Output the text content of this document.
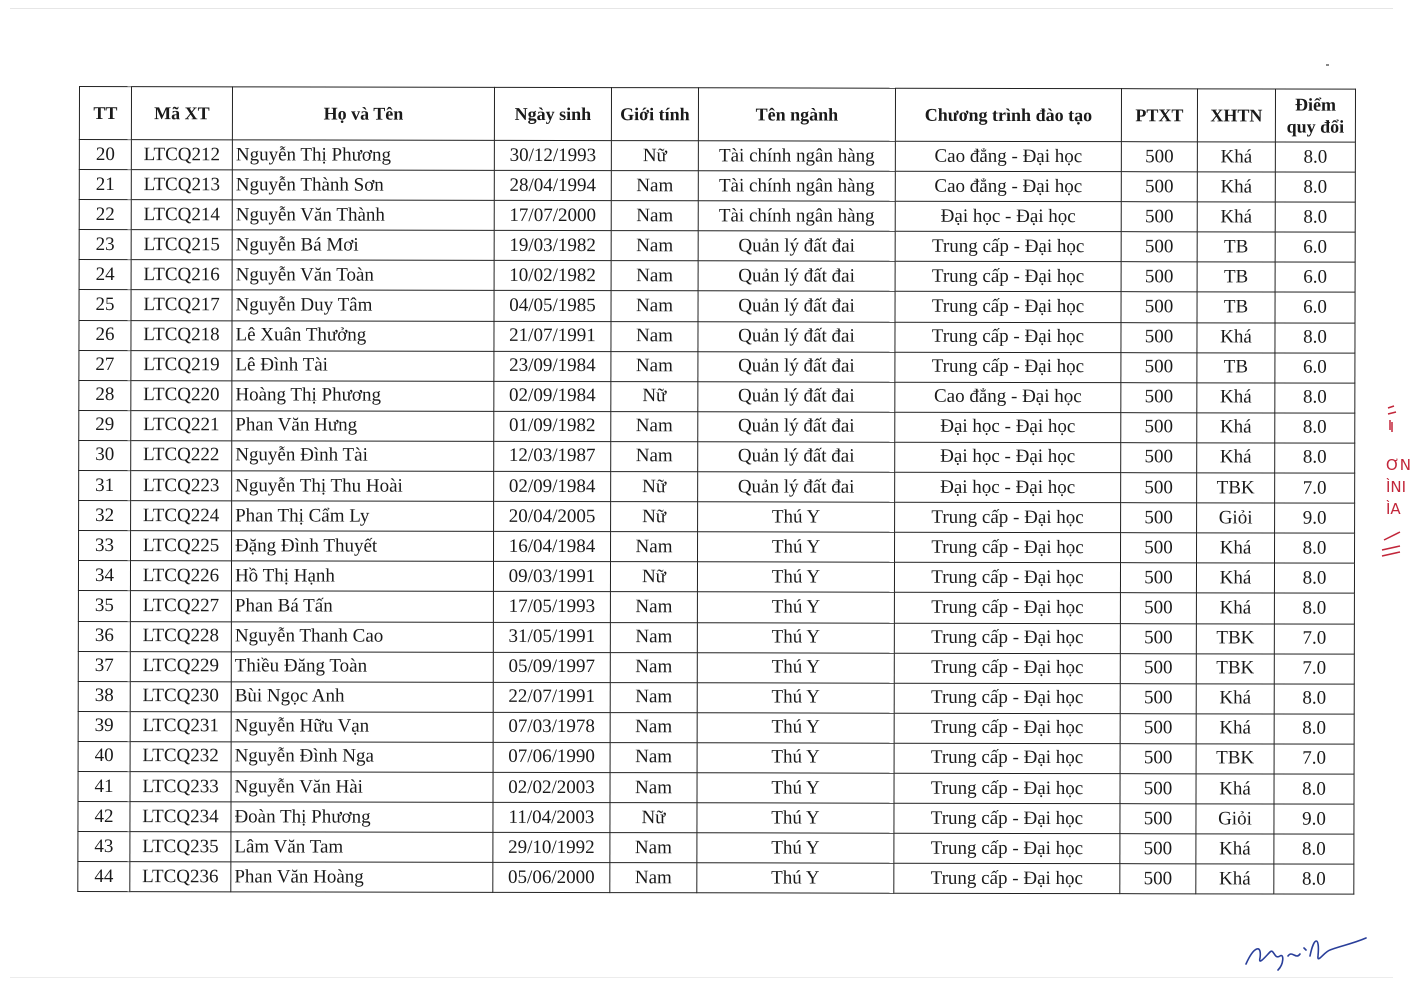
TT	Mã XT	Họ và Tên	Ngày sinh	Giới tính	Tên ngành	Chương trình đào tạo	PTXT	XHTN	Điểm
quy đổi
20	LTCQ212	Nguyễn Thị Phương	30/12/1993	Nữ	Tài chính ngân hàng	Cao đẳng - Đại học	500	Khá	8.0
21	LTCQ213	Nguyễn Thành Sơn	28/04/1994	Nam	Tài chính ngân hàng	Cao đẳng - Đại học	500	Khá	8.0
22	LTCQ214	Nguyễn Văn Thành	17/07/2000	Nam	Tài chính ngân hàng	Đại học - Đại học	500	Khá	8.0
23	LTCQ215	Nguyễn Bá Mơi	19/03/1982	Nam	Quản lý đất đai	Trung cấp - Đại học	500	TB	6.0
24	LTCQ216	Nguyễn Văn Toàn	10/02/1982	Nam	Quản lý đất đai	Trung cấp - Đại học	500	TB	6.0
25	LTCQ217	Nguyễn Duy Tâm	04/05/1985	Nam	Quản lý đất đai	Trung cấp - Đại học	500	TB	6.0
26	LTCQ218	Lê Xuân Thưởng	21/07/1991	Nam	Quản lý đất đai	Trung cấp - Đại học	500	Khá	8.0
27	LTCQ219	Lê Đình Tài	23/09/1984	Nam	Quản lý đất đai	Trung cấp - Đại học	500	TB	6.0
28	LTCQ220	Hoàng Thị Phương	02/09/1984	Nữ	Quản lý đất đai	Cao đẳng - Đại học	500	Khá	8.0
29	LTCQ221	Phan Văn Hưng	01/09/1982	Nam	Quản lý đất đai	Đại học - Đại học	500	Khá	8.0
30	LTCQ222	Nguyễn Đình Tài	12/03/1987	Nam	Quản lý đất đai	Đại học - Đại học	500	Khá	8.0
31	LTCQ223	Nguyễn Thị Thu Hoài	02/09/1984	Nữ	Quản lý đất đai	Đại học - Đại học	500	TBK	7.0
32	LTCQ224	Phan Thị Cẩm Ly	20/04/2005	Nữ	Thú Y	Trung cấp - Đại học	500	Giỏi	9.0
33	LTCQ225	Đặng Đình Thuyết	16/04/1984	Nam	Thú Y	Trung cấp - Đại học	500	Khá	8.0
34	LTCQ226	Hồ Thị Hạnh	09/03/1991	Nữ	Thú Y	Trung cấp - Đại học	500	Khá	8.0
35	LTCQ227	Phan Bá Tấn	17/05/1993	Nam	Thú Y	Trung cấp - Đại học	500	Khá	8.0
36	LTCQ228	Nguyễn Thanh Cao	31/05/1991	Nam	Thú Y	Trung cấp - Đại học	500	TBK	7.0
37	LTCQ229	Thiều Đăng Toàn	05/09/1997	Nam	Thú Y	Trung cấp - Đại học	500	TBK	7.0
38	LTCQ230	Bùi Ngọc Anh	22/07/1991	Nam	Thú Y	Trung cấp - Đại học	500	Khá	8.0
39	LTCQ231	Nguyễn Hữu Vạn	07/03/1978	Nam	Thú Y	Trung cấp - Đại học	500	Khá	8.0
40	LTCQ232	Nguyễn Đình Nga	07/06/1990	Nam	Thú Y	Trung cấp - Đại học	500	TBK	7.0
41	LTCQ233	Nguyễn Văn Hài	02/02/2003	Nam	Thú Y	Trung cấp - Đại học	500	Khá	8.0
42	LTCQ234	Đoàn Thị Phương	11/04/2003	Nữ	Thú Y	Trung cấp - Đại học	500	Giỏi	9.0
43	LTCQ235	Lâm Văn Tam	29/10/1992	Nam	Thú Y	Trung cấp - Đại học	500	Khá	8.0
44	LTCQ236	Phan Văn Hoàng	05/06/2000	Nam	Thú Y	Trung cấp - Đại học	500	Khá	8.0
ƠN
ÌNI
ÌA
